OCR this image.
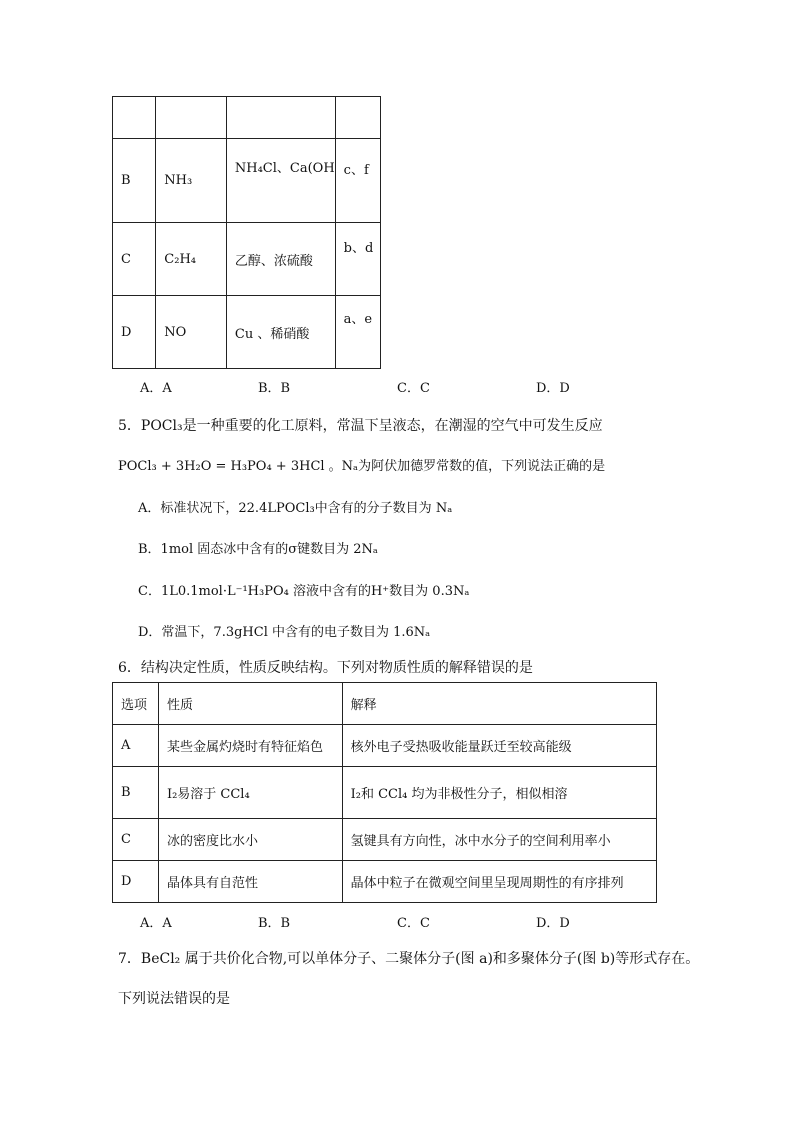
B	NH₃	NH₄Cl、Ca(OH	c、f
C	C₂H₄	乙醇、浓硫酸	b、d
D	NO	Cu 、稀硝酸	a、e
A．A	B．B	C．C	D．D
5．POCl₃是一种重要的化工原料，常温下呈液态，在潮湿的空气中可发生反应
POCl₃ + 3H₂O = H₃PO₄ + 3HCl 。Nₐ为阿伏加德罗常数的值，下列说法正确的是
A．标准状况下，22.4LPOCl₃中含有的分子数目为 Nₐ
B．1mol 固态冰中含有的σ键数目为 2Nₐ
C．1L0.1mol·L⁻¹H₃PO₄ 溶液中含有的H⁺数目为 0.3Nₐ
D．常温下，7.3gHCl 中含有的电子数目为 1.6Nₐ
6．结构决定性质，性质反映结构。下列对物质性质的解释错误的是
选项	性质	解释
A	某些金属灼烧时有特征焰色	核外电子受热吸收能量跃迁至较高能级
B	I₂易溶于 CCl₄	I₂和 CCl₄ 均为非极性分子，相似相溶
C	冰的密度比水小	氢键具有方向性，冰中水分子的空间利用率小
D	晶体具有自范性	晶体中粒子在微观空间里呈现周期性的有序排列
A．A	B．B	C．C	D．D
7．BeCl₂ 属于共价化合物,可以单体分子、二聚体分子(图 a)和多聚体分子(图 b)等形式存在。
下列说法错误的是
